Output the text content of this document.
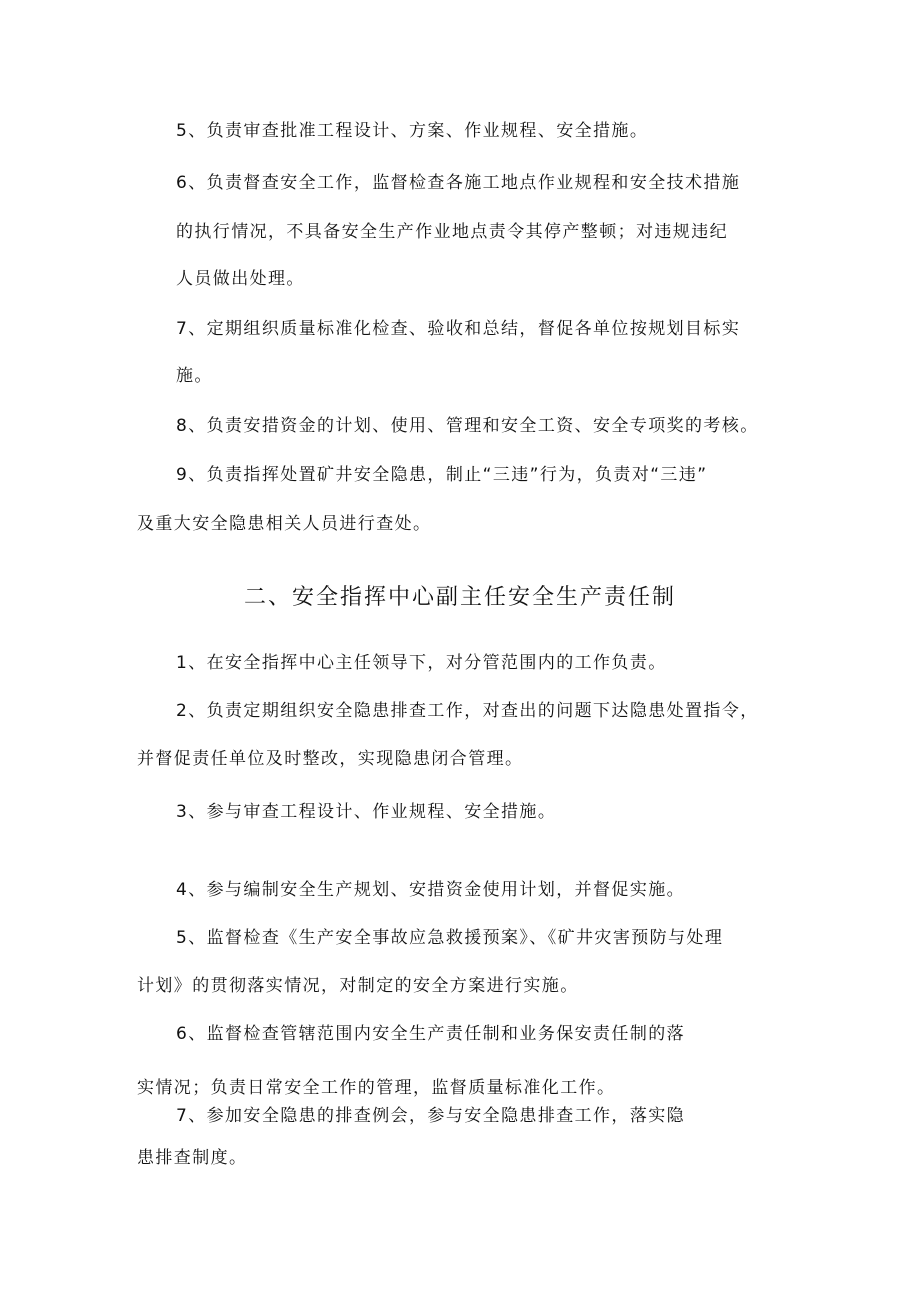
5、负责审查批准工程设计、方案、作业规程、安全措施。
6、负责督查安全工作，监督检查各施工地点作业规程和安全技术措施
的执行情况，不具备安全生产作业地点责令其停产整顿；对违规违纪
人员做出处理。
7、定期组织质量标准化检查、验收和总结，督促各单位按规划目标实
施。
8、负责安措资金的计划、使用、管理和安全工资、安全专项奖的考核。
9、负责指挥处置矿井安全隐患，制止“三违”行为，负责对“三违”
及重大安全隐患相关人员进行查处。
二、安全指挥中心副主任安全生产责任制
1、在安全指挥中心主任领导下，对分管范围内的工作负责。
2、负责定期组织安全隐患排查工作，对查出的问题下达隐患处置指令，
并督促责任单位及时整改，实现隐患闭合管理。
3、参与审查工程设计、作业规程、安全措施。
4、参与编制安全生产规划、安措资金使用计划，并督促实施。
5、监督检查《生产安全事故应急救援预案》、《矿井灾害预防与处理
计划》的贯彻落实情况，对制定的安全方案进行实施。
6、监督检查管辖范围内安全生产责任制和业务保安责任制的落
实情况；负责日常安全工作的管理，监督质量标准化工作。
7、参加安全隐患的排查例会，参与安全隐患排查工作，落实隐
患排查制度。
